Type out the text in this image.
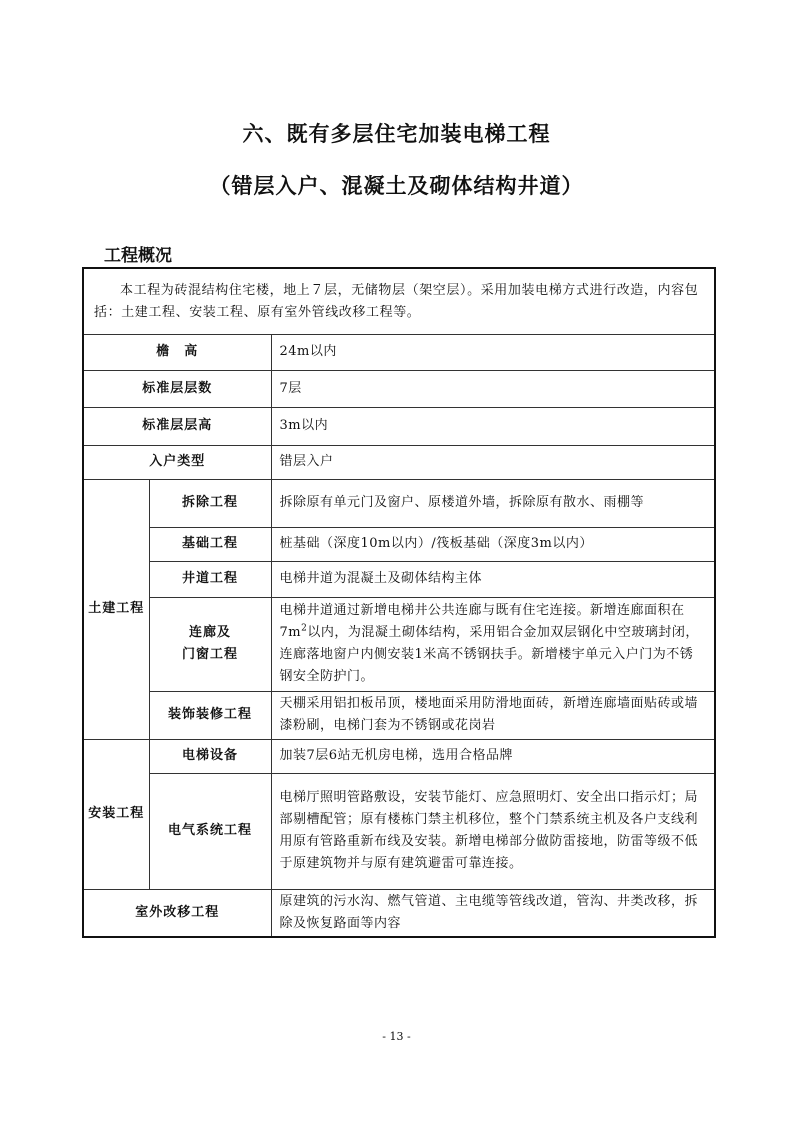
六、既有多层住宅加装电梯工程
（错层入户、混凝土及砌体结构井道）
工程概况
本工程为砖混结构住宅楼，地上７层，无储物层（架空层）。采用加装电梯方式进行改造，内容包括：土建工程、安装工程、原有室外管线改移工程等。		
檐　高		24m以内
标准层层数		7层
标准层层高		3m以内
入户类型		错层入户
土建工程	拆除工程	拆除原有单元门及窗户、原楼道外墙，拆除原有散水、雨棚等
	基础工程	桩基础（深度10m以内）/筏板基础（深度3m以内）
	井道工程	电梯井道为混凝土及砌体结构主体

	连廊及
门窗工程	电梯井道通过新增电梯井公共连廊与既有住宅连接。新增连廊面积在$7m^2$以内，为混凝土砌体结构，采用铝合金加双层钢化中空玻璃封闭，连廊落地窗户内侧安装1米高不锈钢扶手。新增楼宇单元入户门为不锈钢安全防护门。
	装饰装修工程	天棚采用铝扣板吊顶，楼地面采用防滑地面砖，新增连廊墙面贴砖或墙漆粉刷，电梯门套为不锈钢或花岗岩
安装工程	电梯设备	加装7层6站无机房电梯，选用合格品牌
	电气系统工程	电梯厅照明管路敷设，安装节能灯、应急照明灯、安全出口指示灯；局部剔槽配管；原有楼栋门禁主机移位，整个门禁系统主机及各户支线利用原有管路重新布线及安装。新增电梯部分做防雷接地，防雷等级不低于原建筑物并与原有建筑避雷可靠连接。
室外改移工程		原建筑的污水沟、燃气管道、主电缆等管线改道，管沟、井类改移，拆除及恢复路面等内容
- 13 -
